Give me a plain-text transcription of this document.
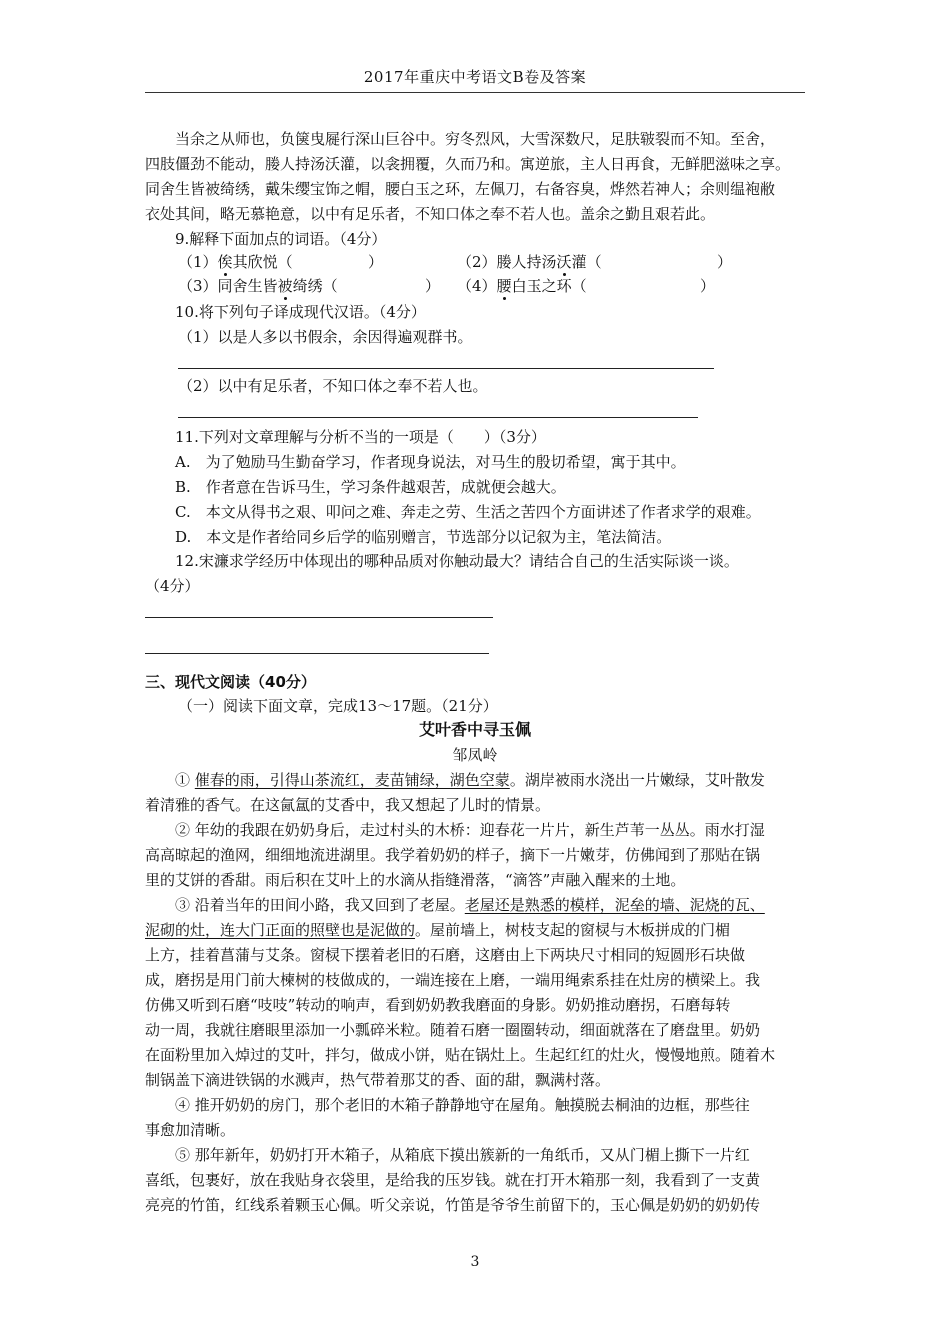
2017年重庆中考语文B卷及答案
当余之从师也，负箧曳屣行深山巨谷中。穷冬烈风，大雪深数尺，足肤皲裂而不知。至舍，
四肢僵劲不能动，媵人持汤沃灌，以衾拥覆，久而乃和。寓逆旅，主人日再食，无鲜肥滋味之享。
同舍生皆被绮绣，戴朱缨宝饰之帽，腰白玉之环，左佩刀，右备容臭，烨然若神人；余则缊袍敝
衣处其间，略无慕艳意，以中有足乐者，不知口体之奉不若人也。盖余之勤且艰若此。
9.解释下面加点的词语。（4分）
（1）俟其欣悦（	）	（2）媵人持汤沃灌（	）
（3）同舍生皆被绮绣（	） （4）腰白玉之环（	）
10.将下列句子译成现代汉语。（4分）
（1）以是人多以书假余，余因得遍观群书。
（2）以中有足乐者，不知口体之奉不若人也。
11.下列对文章理解与分析不当的一项是（　　）（3分）
A.　为了勉励马生勤奋学习，作者现身说法，对马生的殷切希望，寓于其中。
B.　作者意在告诉马生，学习条件越艰苦，成就便会越大。
C.　本文从得书之艰、叩问之难、奔走之劳、生活之苦四个方面讲述了作者求学的艰难。
D.　本文是作者给同乡后学的临别赠言，节选部分以记叙为主，笔法简洁。
12.宋濂求学经历中体现出的哪种品质对你触动最大？请结合自己的生活实际谈一谈。
（4分）
三、现代文阅读（40分）
（一）阅读下面文章，完成13～17题。（21分）
艾叶香中寻玉佩
邹凤岭
① 催春的雨，引得山茶流红，麦苗铺绿，湖色空蒙。湖岸被雨水浇出一片嫩绿，艾叶散发
着清雅的香气。在这氤氲的艾香中，我又想起了儿时的情景。
② 年幼的我跟在奶奶身后，走过村头的木桥：迎春花一片片，新生芦苇一丛丛。雨水打湿
高高晾起的渔网，细细地流进湖里。我学着奶奶的样子，摘下一片嫩芽，仿佛闻到了那贴在锅
里的艾饼的香甜。雨后积在艾叶上的水滴从指缝滑落，“滴答”声融入醒来的土地。
③ 沿着当年的田间小路，我又回到了老屋。老屋还是熟悉的模样，泥垒的墙、泥烧的瓦、
泥砌的灶，连大门正面的照壁也是泥做的。屋前墙上，树枝支起的窗棂与木板拼成的门楣
上方，挂着菖蒲与艾条。窗棂下摆着老旧的石磨，这磨由上下两块尺寸相同的短圆形石块做
成，磨拐是用门前大楝树的枝做成的，一端连接在上磨，一端用绳索系挂在灶房的横梁上。我
仿佛又听到石磨“吱吱”转动的响声，看到奶奶教我磨面的身影。奶奶推动磨拐，石磨每转
动一周，我就往磨眼里添加一小瓢碎米粒。随着石磨一圈圈转动，细面就落在了磨盘里。奶奶
在面粉里加入焯过的艾叶，拌匀，做成小饼，贴在锅灶上。生起红红的灶火，慢慢地煎。随着木
制锅盖下滴进铁锅的水溅声，热气带着那艾的香、面的甜，飘满村落。
④ 推开奶奶的房门，那个老旧的木箱子静静地守在屋角。触摸脱去桐油的边框，那些往
事愈加清晰。
⑤ 那年新年，奶奶打开木箱子，从箱底下摸出簇新的一角纸币，又从门楣上撕下一片红
喜纸，包裹好，放在我贴身衣袋里，是给我的压岁钱。就在打开木箱那一刻，我看到了一支黄
亮亮的竹笛，红线系着颗玉心佩。听父亲说，竹笛是爷爷生前留下的，玉心佩是奶奶的奶奶传
3
